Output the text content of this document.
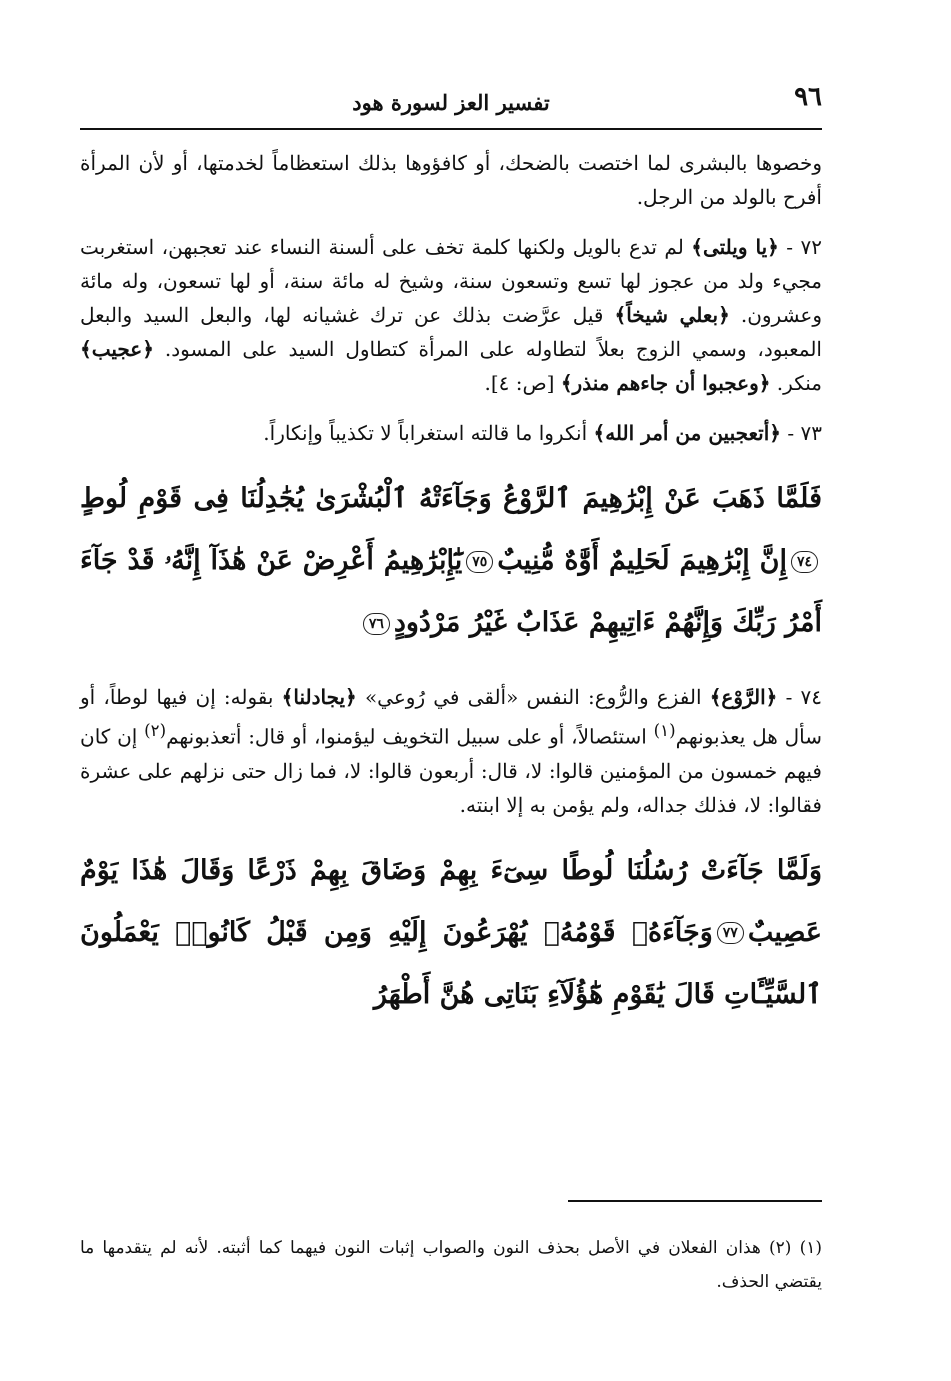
٩٦
تفسير العز لسورة هود

وخصوها بالبشرى لما اختصت بالضحك، أو كافؤوها بذلك استعظاماً لخدمتها، أو لأن المرأة أفرح بالولد من الرجل.

٧٢ - ﴿يا ويلتى﴾ لم تدع بالويل ولكنها كلمة تخف على ألسنة النساء عند تعجبهن، استغربت مجيء ولد من عجوز لها تسع وتسعون سنة، وشيخ له مائة سنة، أو لها تسعون، وله مائة وعشرون. ﴿بعلي شيخاً﴾ قيل عرَّضت بذلك عن ترك غشيانه لها، والبعل السيد والبعل المعبود، وسمي الزوج بعلاً لتطاوله على المرأة كتطاول السيد على المسود. ﴿عجيب﴾ منكر. ﴿وعجبوا أن جاءهم منذر﴾ [ص: ٤].

٧٣ - ﴿أتعجبين من أمر الله﴾ أنكروا ما قالته استغراباً لا تكذيباً وإنكاراً.

فَلَمَّا ذَهَبَ عَنْ إِبْرَٰهِيمَ ٱلرَّوْعُ وَجَآءَتْهُ ٱلْبُشْرَىٰ يُجَٰدِلُنَا فِى قَوْمِ لُوطٍ٧٤إِنَّ إِبْرَٰهِيمَ لَحَلِيمٌ أَوَّٰهٌ مُّنِيبٌ٧٥يَٰٓإِبْرَٰهِيمُ أَعْرِضْ عَنْ هَٰذَآ إِنَّهُۥ قَدْ جَآءَ أَمْرُ رَبِّكَ وَإِنَّهُمْ ءَاتِيهِمْ عَذَابٌ غَيْرُ مَرْدُودٍ٧٦

٧٤ - ﴿الرَّوْع﴾ الفزع والرُّوع: النفس «ألقى في رُوعي» ﴿يجادلنا﴾ بقوله: إن فيها لوطاً، أو سأل هل يعذبونهم$^{(١)}$ استئصالاً، أو على سبيل التخويف ليؤمنوا، أو قال: أتعذبونهم$^{(٢)}$ إن كان فيهم خمسون من المؤمنين قالوا: لا، قال: أربعون قالوا: لا، فما زال حتى نزلهم على عشرة فقالوا: لا، فذلك جداله، ولم يؤمن به إلا ابنته.

وَلَمَّا جَآءَتْ رُسُلُنَا لُوطًا سِىٓءَ بِهِمْ وَضَاقَ بِهِمْ ذَرْعًا وَقَالَ هَٰذَا يَوْمٌ عَصِيبٌ٧٧وَجَآءَهُۥ قَوْمُهُۥ يُهْرَعُونَ إِلَيْهِ وَمِن قَبْلُ كَانُوا۟ يَعْمَلُونَ ٱلسَّيِّـَٔاتِ قَالَ يَٰقَوْمِ هَٰٓؤُلَآءِ بَنَاتِى هُنَّ أَطْهَرُ

(١) (٢) هذان الفعلان في الأصل بحذف النون والصواب إثبات النون فيهما كما أثبته. لأنه لم يتقدمها ما يقتضي الحذف.
